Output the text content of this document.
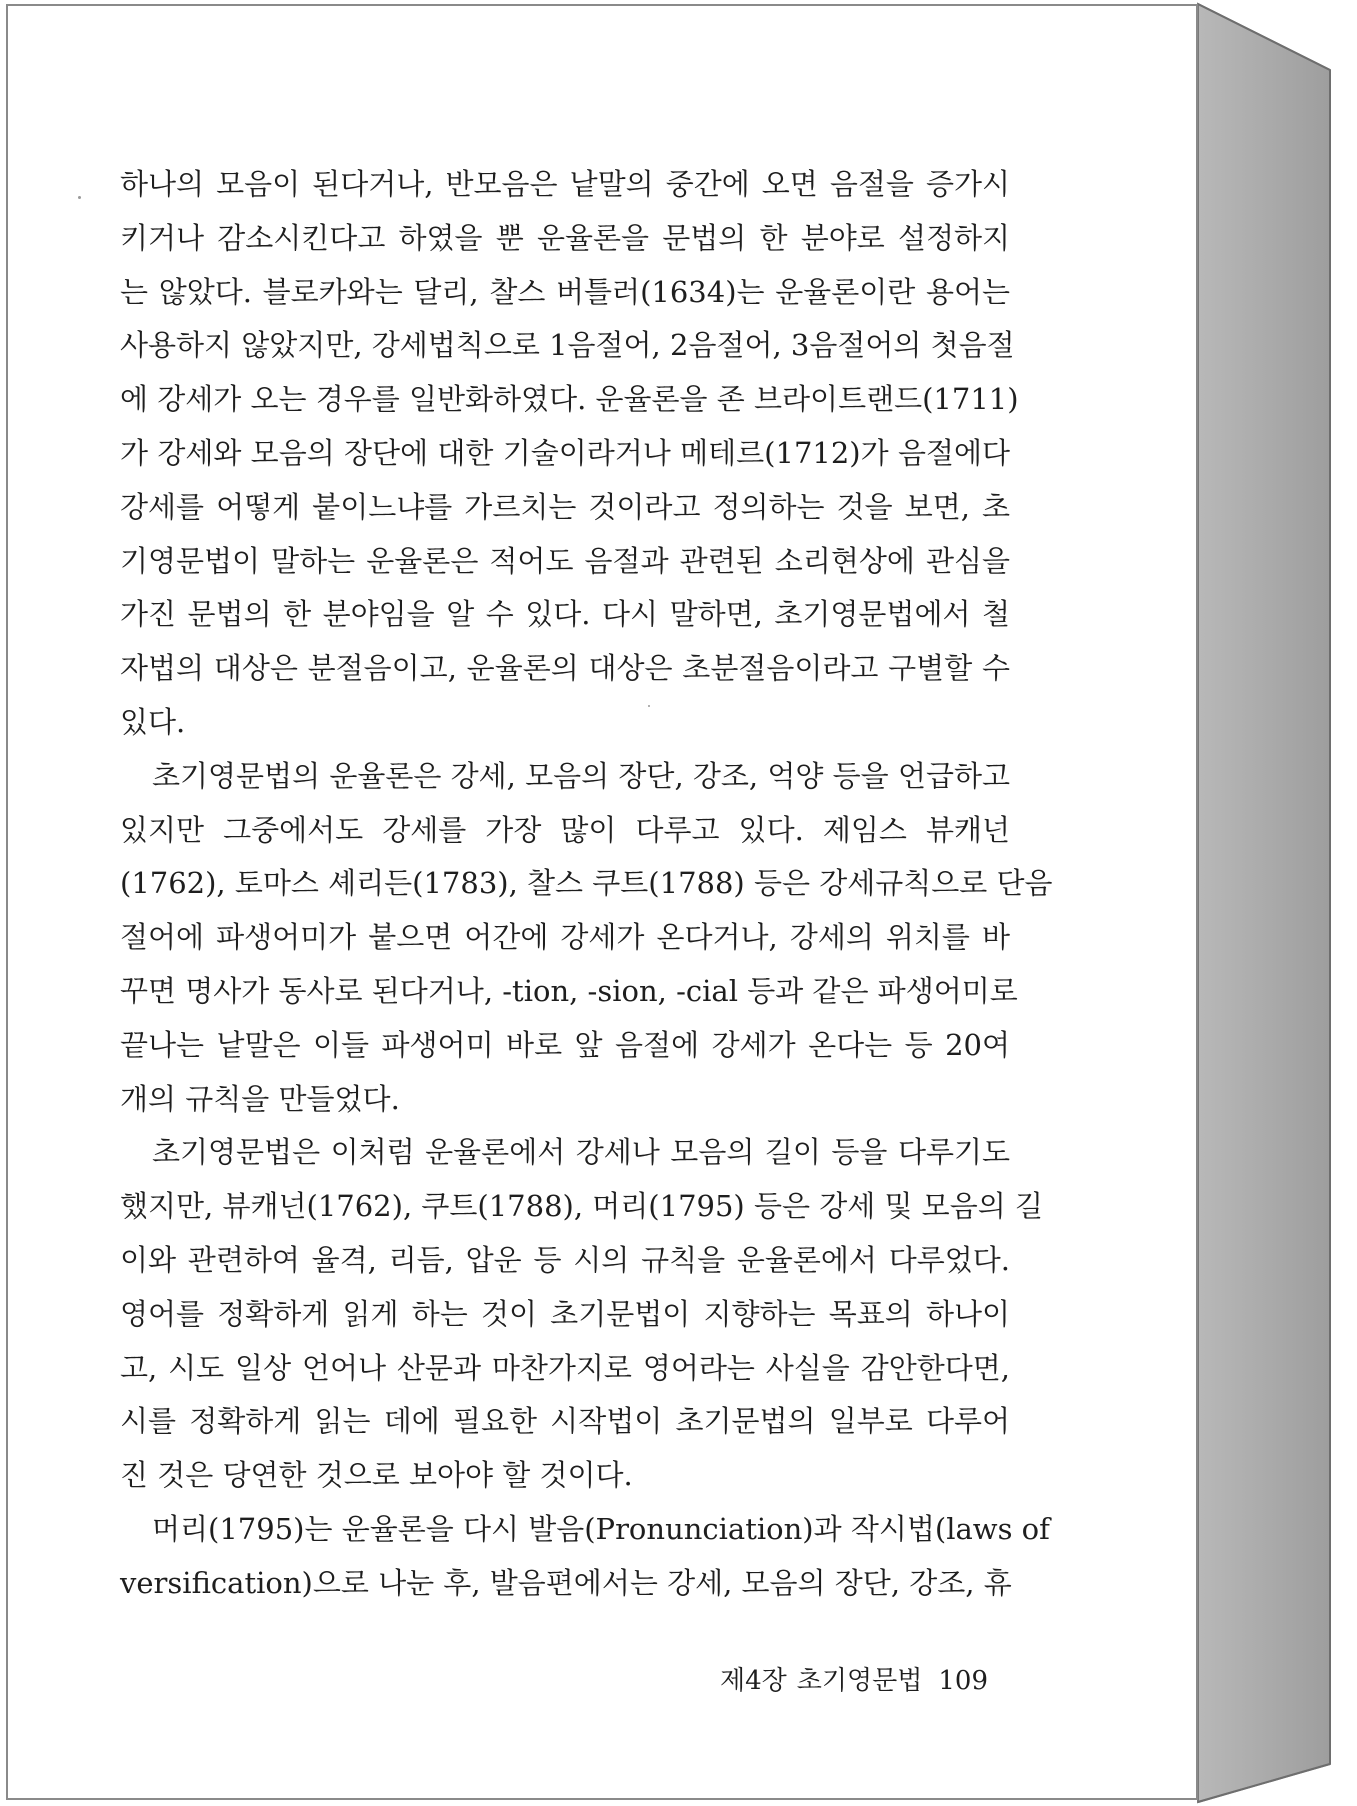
하나의 모음이 된다거나, 반모음은 낱말의 중간에 오면 음절을 증가시
키거나 감소시킨다고 하였을 뿐 운율론을 문법의 한 분야로 설정하지
는 않았다. 블로카와는 달리, 찰스 버틀러(1634)는 운율론이란 용어는
사용하지 않았지만, 강세법칙으로 1음절어, 2음절어, 3음절어의 첫음절
에 강세가 오는 경우를 일반화하였다. 운율론을 존 브라이트랜드(1711)
가 강세와 모음의 장단에 대한 기술이라거나 메테르(1712)가 음절에다
강세를 어떻게 붙이느냐를 가르치는 것이라고 정의하는 것을 보면, 초
기영문법이 말하는 운율론은 적어도 음절과 관련된 소리현상에 관심을
가진 문법의 한 분야임을 알 수 있다. 다시 말하면, 초기영문법에서 철
자법의 대상은 분절음이고, 운율론의 대상은 초분절음이라고 구별할 수
있다.
초기영문법의 운율론은 강세, 모음의 장단, 강조, 억양 등을 언급하고
있지만 그중에서도 강세를 가장 많이 다루고 있다. 제임스 뷰캐넌
(1762), 토마스 셰리든(1783), 찰스 쿠트(1788) 등은 강세규칙으로 단음
절어에 파생어미가 붙으면 어간에 강세가 온다거나, 강세의 위치를 바
꾸면 명사가 동사로 된다거나, -tion, -sion, -cial 등과 같은 파생어미로
끝나는 낱말은 이들 파생어미 바로 앞 음절에 강세가 온다는 등 20여
개의 규칙을 만들었다.
초기영문법은 이처럼 운율론에서 강세나 모음의 길이 등을 다루기도
했지만, 뷰캐넌(1762), 쿠트(1788), 머리(1795) 등은 강세 및 모음의 길
이와 관련하여 율격, 리듬, 압운 등 시의 규칙을 운율론에서 다루었다.
영어를 정확하게 읽게 하는 것이 초기문법이 지향하는 목표의 하나이
고, 시도 일상 언어나 산문과 마찬가지로 영어라는 사실을 감안한다면,
시를 정확하게 읽는 데에 필요한 시작법이 초기문법의 일부로 다루어
진 것은 당연한 것으로 보아야 할 것이다.
머리(1795)는 운율론을 다시 발음(Pronunciation)과 작시법(laws of
versification)으로 나눈 후, 발음편에서는 강세, 모음의 장단, 강조, 휴
제4장 초기영문법 109
